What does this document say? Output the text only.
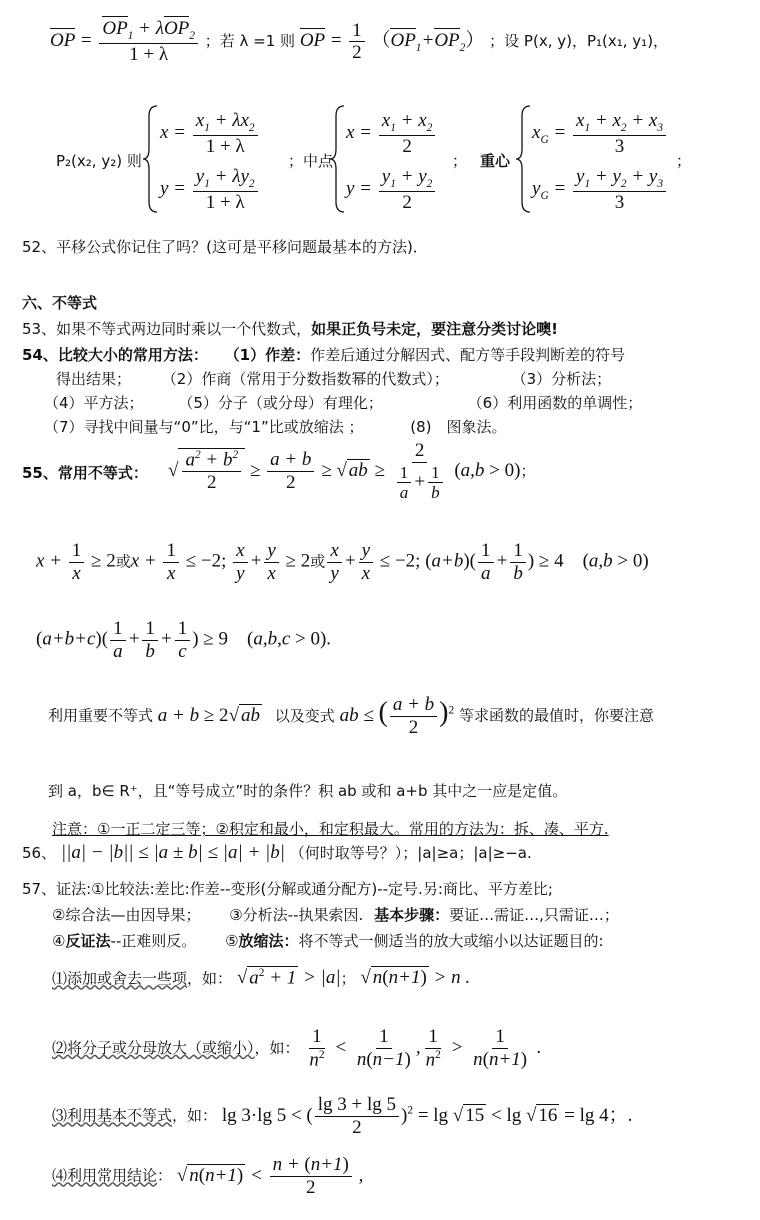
OP = $\frac{OP_1 + \lambda OP_2}{1 + \lambda}$ ；若 λ =1 则 OP = $\frac{1}{2} (OP_1+OP_2)$ ；设 P(x, y)，P₁(x₁, y₁)，
P₂(x₂, y₂) 则
$x = \frac{x_1 + \lambda x_2}{1 + \lambda}$
$y = \frac{y_1 + \lambda y_2}{1 + \lambda}$
；中点
$x = \frac{x_1 + x_2}{2}$
$y = \frac{y_1 + y_2}{2}$
； 重心
$x_G = \frac{x_1 + x_2 + x_3}{3}$
$y_G = \frac{y_1 + y_2 + y_3}{3}$
；
52、平移公式你记住了吗？(这可是平移问题最基本的方法)．
六、不等式
53、如果不等式两边同时乘以一个代数式，如果正负号未定，要注意分类讨论噢!
54、比较大小的常用方法： （1）作差：作差后通过分解因式、配方等手段判断差的符号
得出结果； （2）作商（常用于分数指数幂的代数式）；	（3）分析法；
（4）平方法； （5）分子（或分母）有理化；	（6）利用函数的单调性；
（7）寻找中间量与“0”比，与“1”比或放缩法 ；	(8)　图象法。
55、常用不等式： √ $\frac{a^2 + b^2}{2} \ge \frac{a + b}{2}$ ≥ √ ab ≥ $\frac{2}{\frac{1}{a} + \frac{1}{b}} (a,b > 0)$；
$x + \frac{1}{x} \ge 2$或$x + \frac{1}{x} \le -2$; $\frac{x}{y} + \frac{y}{x} \ge 2$或 $\frac{x}{y} + \frac{y}{x} \le -2$; $(a+b)( \frac{1}{a} + \frac{1}{b}$ ) ≥ 4　(a,b > 0)
$(a+b+c)( \frac{1}{a} + \frac{1}{b} + \frac{1}{c}$ ) ≥ 9　(a,b,c > 0).
利用重要不等式 a + b ≥ 2√ ab 以及变式 ab ≤ ( $\frac{a + b}{2} )^2$ 等求函数的最值时，你要注意
到 a，b∈ R⁺，且“等号成立”时的条件？积 ab 或和 a+b 其中之一应是定值。
注意：①一正二定三等；②积定和最小，和定积最大。常用的方法为：拆、凑、平方.
56、 ||a| − |b|| ≤ |a ± b| ≤ |a| + |b| （何时取等号？）；|a|≥a；|a|≥−a.
57、证法:①比较法:差比:作差--变形(分解或通分配方)--定号.另:商比、平方差比;
②综合法—由因导果； ③分析法--执果索因. 基本步骤：要证…需证…,只需证…；
④反证法--正难则反。 ⑤放缩法：将不等式一侧适当的放大或缩小以达证题目的:
⑴添加或舍去一些项，如： √ $a^2 + 1 > |a|$； √ n(n+1) > n .
⑵将分子或分母放大（或缩小），如： $\frac{1}{n^2} < \frac{1}{n(n-1)}$ , $\frac{1}{n^2} > \frac{1}{n(n+1)}$ .
⑶利用基本不等式，如： lg 3·lg 5 < ( $\frac{\lg 3 + \lg 5}{2} )^2 = \lg$ √ 15 < lg √ 16 = lg 4；.
⑷利用常用结论： √ $n(n+1) < \frac{n + (n+1)}{2}$ ,
